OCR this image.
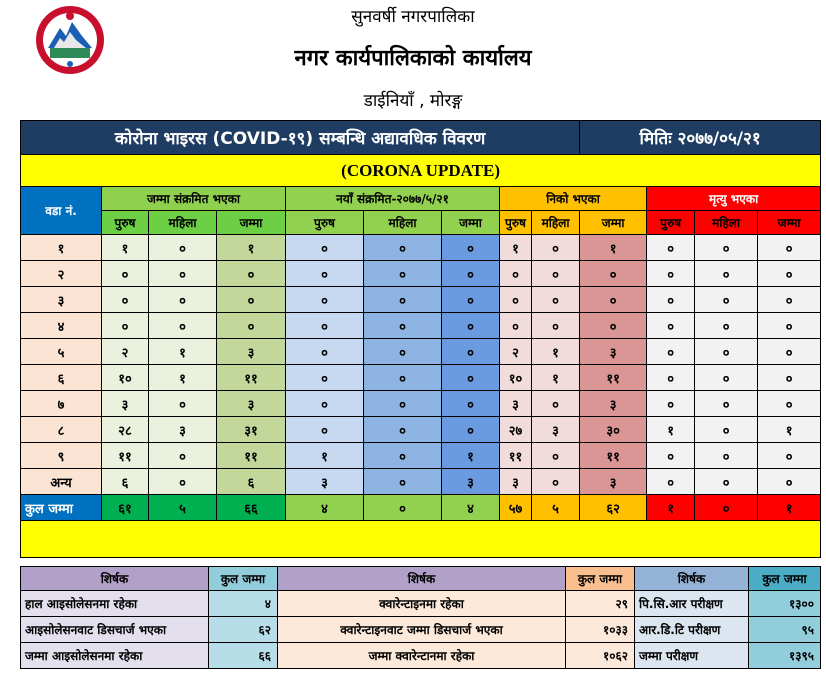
सुनवर्षी नगरपालिका
नगर कार्यपालिकाको कार्यालय
डाईनियाँ , मोरङ्ग
कोरोना भाइरस (COVID-१९) सम्बन्धि अद्यावधिक विवरण									मितिः २०७७/०५/२१			
(CORONA UPDATE)												
वडा नं.	जम्मा संक्रमित भएका			नयाँ संक्रमित-२०७७/५/२१			निको भएका			मृत्यु भएका		
	पुरुष	महिला	जम्मा	पुरुष	महिला	जम्मा	पुरुष	महिला	जम्मा	पुरुष	महिला	जम्मा
१	१	०	१	०	०	०	१	०	१	०	०	०
२	०	०	०	०	०	०	०	०	०	०	०	०
३	०	०	०	०	०	०	०	०	०	०	०	०
४	०	०	०	०	०	०	०	०	०	०	०	०
५	२	१	३	०	०	०	२	१	३	०	०	०
६	१०	१	११	०	०	०	१०	१	११	०	०	०
७	३	०	३	०	०	०	३	०	३	०	०	०
८	२८	३	३१	०	०	०	२७	३	३०	१	०	१
९	११	०	११	१	०	१	११	०	११	०	०	०
अन्य	६	०	६	३	०	३	३	०	३	०	०	०
कुल जम्मा	६१	५	६६	४	०	४	५७	५	६२	१	०	१

शिर्षक	कुल जम्मा	शिर्षक	कुल जम्मा	शिर्षक	कुल जम्मा
हाल आइसोलेसनमा रहेका	४	क्वारेन्टाइनमा रहेका	२९	पि.सि.आर परीक्षण	१३००
आइसोलेसनवाट डिसचार्ज भएका	६२	क्वारेन्टाइनवाट जम्मा डिसचार्ज भएका	१०३३	आर.डि.टि परीक्षण	९५
जम्मा आइसोलेसनमा रहेका	६६	जम्मा क्वारेन्टानमा रहेका	१०६२	जम्मा परीक्षण	१३९५
